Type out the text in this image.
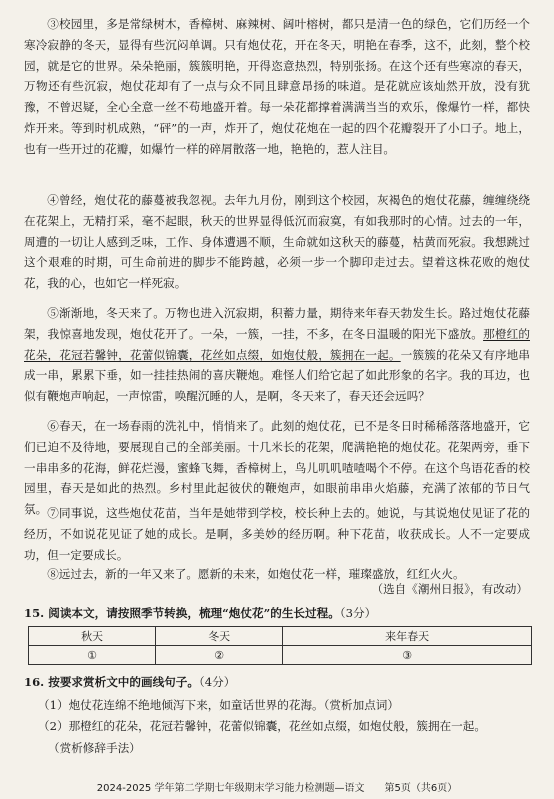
③校园里，多是常绿树木，香樟树、麻辣树、阔叶榕树，都只是清一色的绿色，它们历经一个寒冷寂静的冬天，显得有些沉闷单调。只有炮仗花，开在冬天，明艳在春季，这不，此刻，整个校园，就是它的世界。朵朵艳丽，簇簇明艳，开得恣意热烈，特别张扬。在这个还有些寒凉的春天，万物还有些沉寂，炮仗花却有了一点与众不同且肆意昂扬的味道。是花就应该灿然开放，没有犹豫，不曾迟疑，全心全意一丝不苟地盛开着。每一朵花都撑着满满当当的欢乐，像爆竹一样，都快炸开来。等到时机成熟，“砰”的一声，炸开了，炮仗花炮在一起的四个花瓣裂开了小口子。地上，也有一些开过的花瓣，如爆竹一样的碎屑散落一地，艳艳的，惹人注目。

④曾经，炮仗花的藤蔓被我忽视。去年九月份，刚到这个校园，灰褐色的炮仗花藤，缠缠绕绕在花架上，无精打采，毫不起眼，秋天的世界显得低沉而寂寞，有如我那时的心情。过去的一年，周遭的一切让人感到乏味，工作、身体遭遇不顺，生命就如这秋天的藤蔓，枯黄而死寂。我想跳过这个艰难的时期，可生命前进的脚步不能跨越，必须一步一个脚印走过去。望着这株花败的炮仗花，我的心，也如它一样死寂。

⑤渐渐地，冬天来了。万物也进入沉寂期，积蓄力量，期待来年春天勃发生长。路过炮仗花藤架，我惊喜地发现，炮仗花开了。一朵，一簇，一挂，不多，在冬日温暖的阳光下盛放。那橙红的花朵，花冠若馨钟，花蕾似锦囊，花丝如点缀，如炮仗般，簇拥在一起。一簇簇的花朵又有序地串成一串，累累下垂，如一挂挂热闹的喜庆鞭炮。难怪人们给它起了如此形象的名字。我的耳边，也似有鞭炮声响起，一声惊雷，唤醒沉睡的人，是啊，冬天来了，春天还会远吗？

⑥春天，在一场春雨的洗礼中，悄悄来了。此刻的炮仗花，已不是冬日时稀稀落落地盛开，它们已迫不及待地，要展现自己的全部美丽。十几米长的花架，爬满艳艳的炮仗花。花架两旁，垂下一串串多的花海，鲜花烂漫，蜜蜂飞舞，香樟树上，鸟儿叽叽喳喳喝个不停。在这个鸟语花香的校园里，春天是如此的热烈。乡村里此起彼伏的鞭炮声，如眼前串串火焰藤，充满了浓郁的节日气氛。 ⑦同事说，这些炮仗花苗，当年是她带到学校，校长种上去的。她说，与其说炮仗见证了花的经历，不如说花见证了她的成长。是啊，多美妙的经历啊。种下花苗，收获成长。人不一定要成功，但一定要成长。

⑧远过去，新的一年又来了。愿新的未来，如炮仗花一样，璀璨盛放，红红火火。

（选自《潮州日报》，有改动）
15. 阅读本文，请按照季节转换，梳理“炮仗花”的生长过程。（3分）
秋天	冬天	来年春天
①	②	③
16. 按要求赏析文中的画线句子。（4分）
（1）炮仗花连绵不绝地倾泻下来，如童话世界的花海。（赏析加点词）
（2）那橙红的花朵，花冠若馨钟，花蕾似锦囊，花丝如点缀，如炮仗般，簇拥在一起。
（赏析修辞手法）
2024-2025 学年第二学期七年级期末学习能力检测题—语文　　第5页（共6页）
